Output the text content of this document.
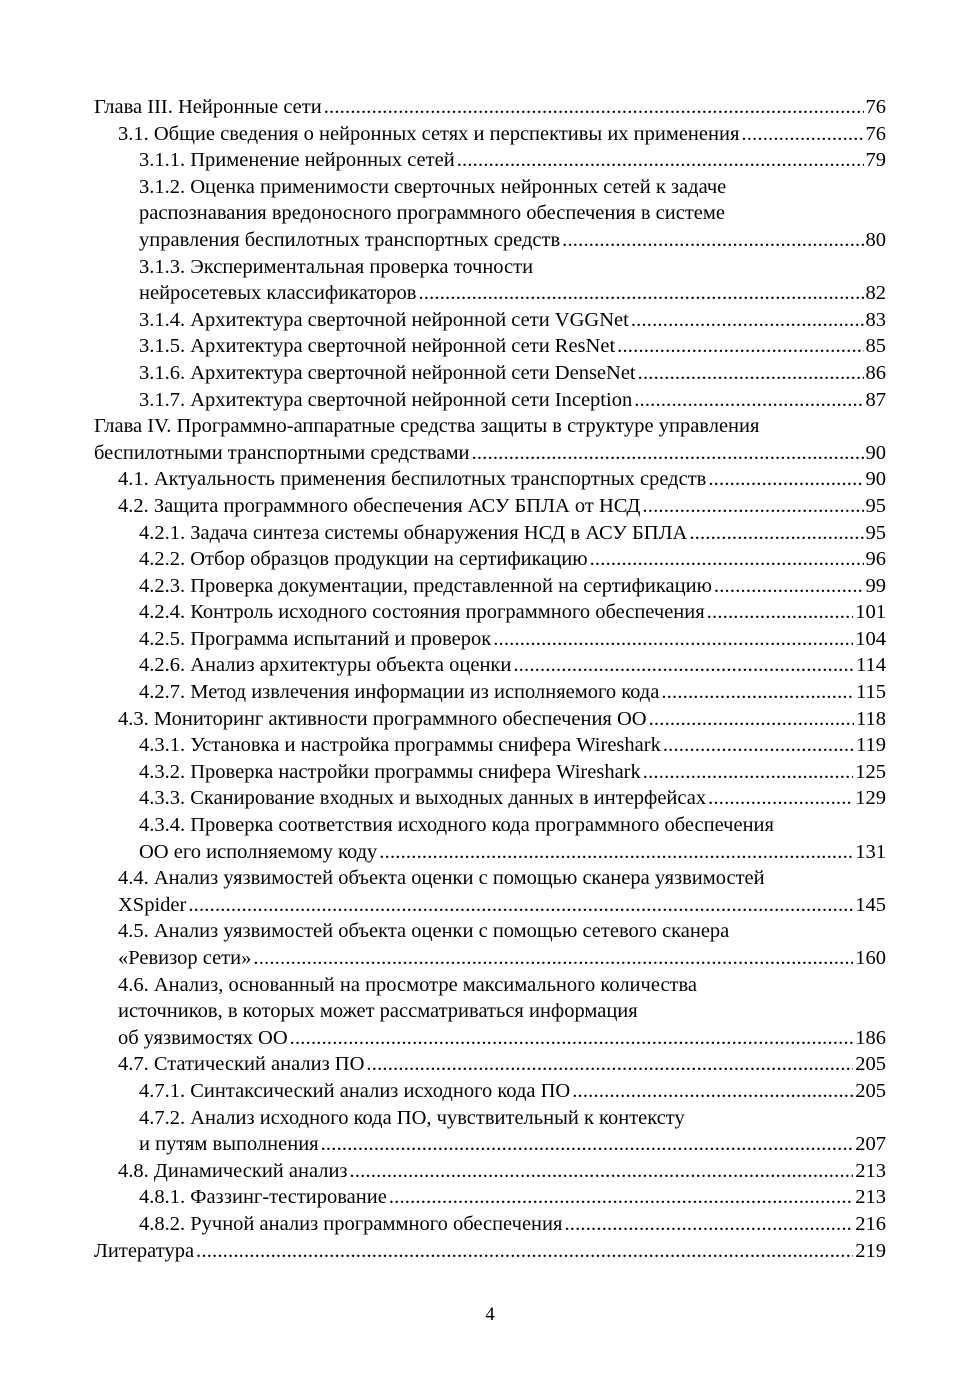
Глава III. Нейронные сети .....	76
3.1. Общие сведения о нейронных сетях и перспективы их применения .....	76
3.1.1. Применение нейронных сетей .....	79
3.1.2. Оценка применимости сверточных нейронных сетей к задаче
распознавания вредоносного программного обеспечения в системе
управления беспилотных транспортных средств .....	80
3.1.3. Экспериментальная проверка точности
нейросетевых классификаторов .....	82
3.1.4. Архитектура сверточной нейронной сети VGGNet .....	83
3.1.5. Архитектура сверточной нейронной сети ResNet .....	85
3.1.6. Архитектура сверточной нейронной сети DenseNet .....	86
3.1.7. Архитектура сверточной нейронной сети Inception .....	87
Глава IV. Программно-аппаратные средства защиты в структуре управления
беспилотными транспортными средствами .....	90
4.1. Актуальность применения беспилотных транспортных средств .....	90
4.2. Защита программного обеспечения АСУ БПЛА от НСД .....	95
4.2.1. Задача синтеза системы обнаружения НСД в АСУ БПЛА .....	95
4.2.2. Отбор образцов продукции на сертификацию .....	96
4.2.3. Проверка документации, представленной на сертификацию .....	99
4.2.4. Контроль исходного состояния программного обеспечения .....	101
4.2.5. Программа испытаний и проверок .....	104
4.2.6. Анализ архитектуры объекта оценки .....	114
4.2.7. Метод извлечения информации из исполняемого кода .....	115
4.3. Мониторинг активности программного обеспечения ОО .....	118
4.3.1. Установка и настройка программы снифера Wireshark .....	119
4.3.2. Проверка настройки программы снифера Wireshark .....	125
4.3.3. Сканирование входных и выходных данных в интерфейсах .....	129
4.3.4. Проверка соответствия исходного кода программного обеспечения
ОО его исполняемому коду .....	131
4.4. Анализ уязвимостей объекта оценки с помощью сканера уязвимостей
XSpider .....	145
4.5. Анализ уязвимостей объекта оценки с помощью сетевого сканера
«Ревизор сети» .....	160
4.6. Анализ, основанный на просмотре максимального количества
источников, в которых может рассматриваться информация
об уязвимостях ОО .....	186
4.7. Статический анализ ПО .....	205
4.7.1. Синтаксический анализ исходного кода ПО .....	205
4.7.2. Анализ исходного кода ПО, чувствительный к контексту
и путям выполнения .....	207
4.8. Динамический анализ .....	213
4.8.1. Фаззинг-тестирование .....	213
4.8.2. Ручной анализ программного обеспечения .....	216
Литература .....	219
4
